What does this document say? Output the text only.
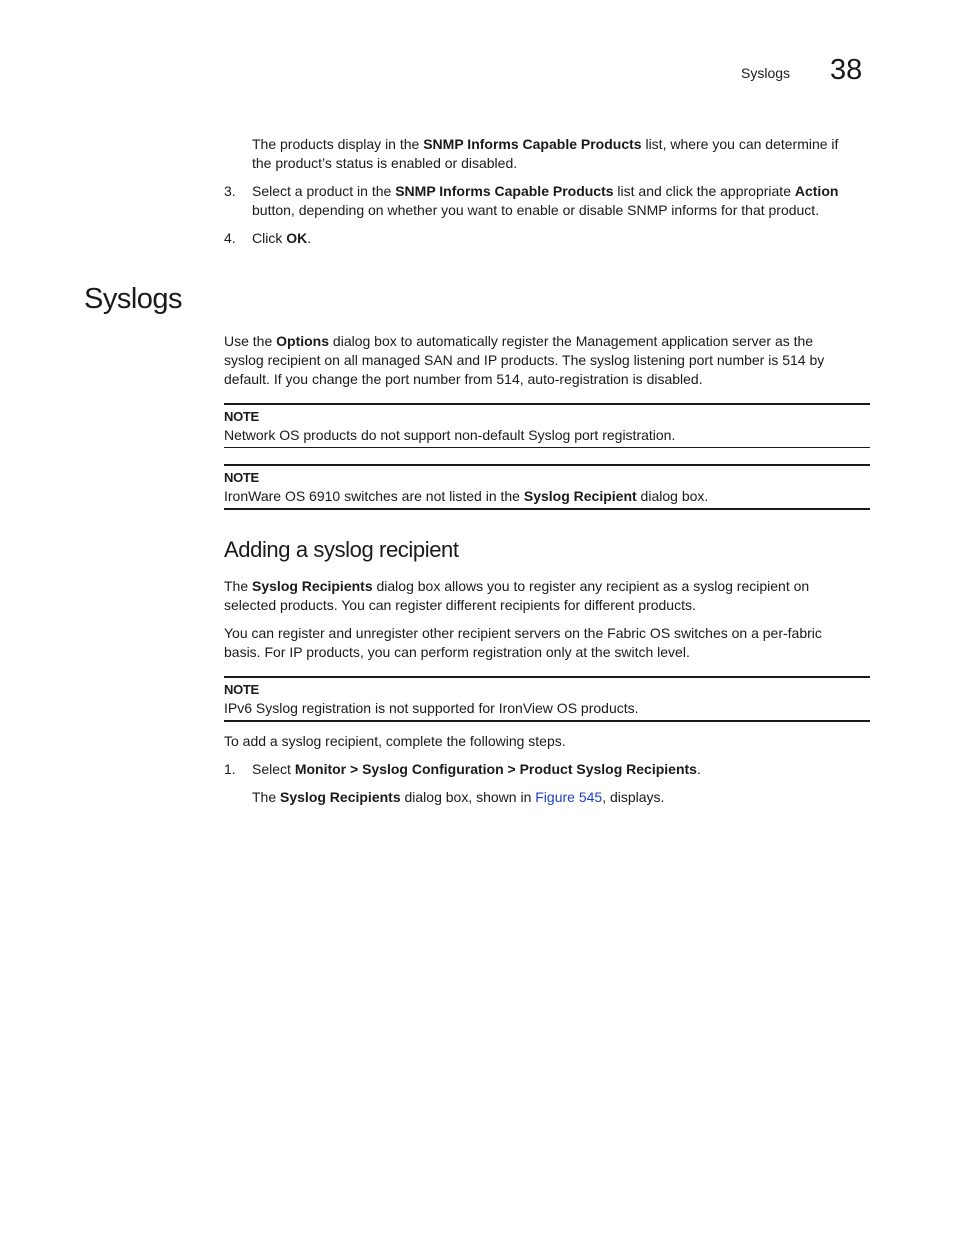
Syslogs 38

The products display in the SNMP Informs Capable Products list, where you can determine if
the product’s status is enabled or disabled.

3.	Select a product in the SNMP Informs Capable Products list and click the appropriate Action
button, depending on whether you want to enable or disable SNMP informs for that product.

4.	Click OK.

Syslogs

Use the Options dialog box to automatically register the Management application server as the
syslog recipient on all managed SAN and IP products. The syslog listening port number is 514 by
default. If you change the port number from 514, auto-registration is disabled.

NOTE
Network OS products do not support non-default Syslog port registration.
NOTE
IronWare OS 6910 switches are not listed in the Syslog Recipient dialog box.
Adding a syslog recipient

The Syslog Recipients dialog box allows you to register any recipient as a syslog recipient on
selected products. You can register different recipients for different products.

You can register and unregister other recipient servers on the Fabric OS switches on a per-fabric
basis. For IP products, you can perform registration only at the switch level.

NOTE
IPv6 Syslog registration is not supported for IronView OS products.

To add a syslog recipient, complete the following steps.

1.	Select Monitor > Syslog Configuration > Product Syslog Recipients.

The Syslog Recipients dialog box, shown in Figure 545, displays.
